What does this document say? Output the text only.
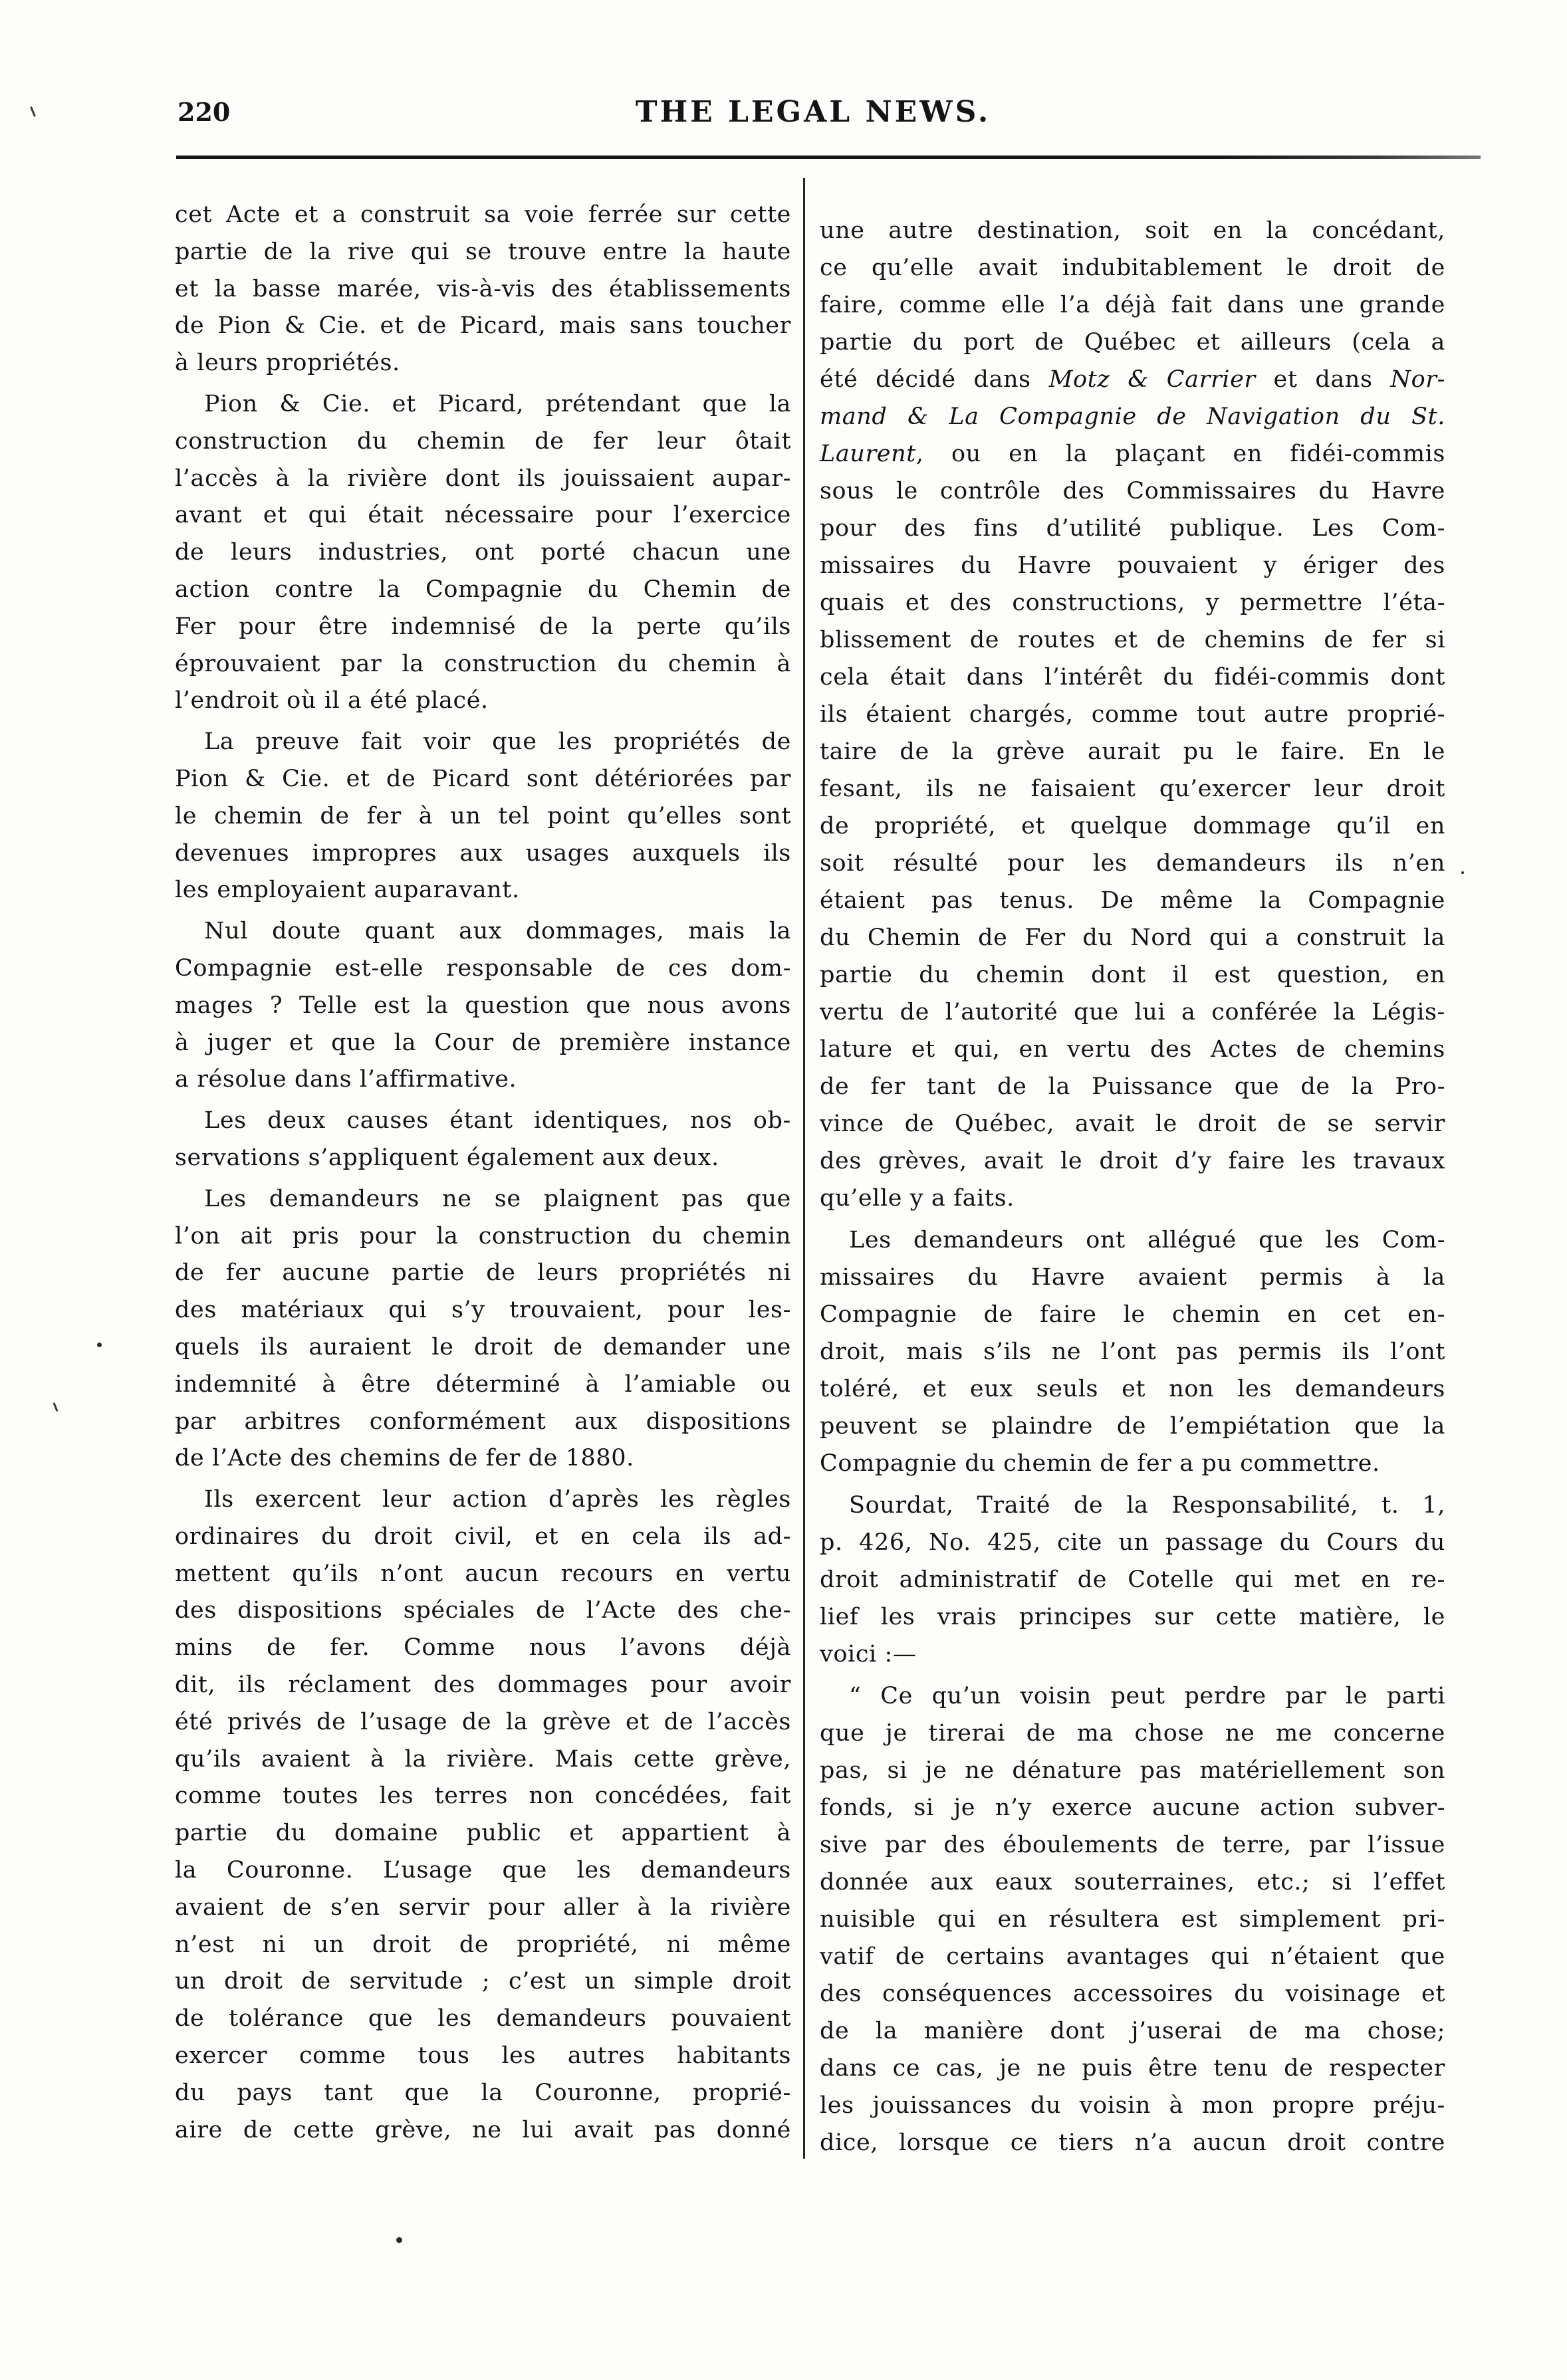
220	THE LEGAL NEWS.
cet Acte et a construit sa voie ferrée sur cette
partie de la rive qui se trouve entre la haute
et la basse marée, vis-à-vis des établissements
de Pion & Cie. et de Picard, mais sans toucher
à leurs propriétés.
Pion & Cie. et Picard, prétendant que la
construction du chemin de fer leur ôtait
l’accès à la rivière dont ils jouissaient aupar-
avant et qui était nécessaire pour l’exercice
de leurs industries, ont porté chacun une
action contre la Compagnie du Chemin de
Fer pour être indemnisé de la perte qu’ils
éprouvaient par la construction du chemin à
l’endroit où il a été placé.
La preuve fait voir que les propriétés de
Pion & Cie. et de Picard sont détériorées par
le chemin de fer à un tel point qu’elles sont
devenues impropres aux usages auxquels ils
les employaient auparavant.
Nul doute quant aux dommages, mais la
Compagnie est-elle responsable de ces dom-
mages ? Telle est la question que nous avons
à juger et que la Cour de première instance
a résolue dans l’affirmative.
Les deux causes étant identiques, nos ob-
servations s’appliquent également aux deux.
Les demandeurs ne se plaignent pas que
l’on ait pris pour la construction du chemin
de fer aucune partie de leurs propriétés ni
des matériaux qui s’y trouvaient, pour les-
quels ils auraient le droit de demander une
indemnité à être déterminé à l’amiable ou
par arbitres conformément aux dispositions
de l’Acte des chemins de fer de 1880.
Ils exercent leur action d’après les règles
ordinaires du droit civil, et en cela ils ad-
mettent qu’ils n’ont aucun recours en vertu
des dispositions spéciales de l’Acte des che-
mins de fer. Comme nous l’avons déjà
dit, ils réclament des dommages pour avoir
été privés de l’usage de la grève et de l’accès
qu’ils avaient à la rivière. Mais cette grève,
comme toutes les terres non concédées, fait
partie du domaine public et appartient à
la Couronne. L’usage que les demandeurs
avaient de s’en servir pour aller à la rivière
n’est ni un droit de propriété, ni même
un droit de servitude ; c’est un simple droit
de tolérance que les demandeurs pouvaient
exercer comme tous les autres habitants
du pays tant que la Couronne, proprié-
aire de cette grève, ne lui avait pas donné
une autre destination, soit en la concédant,
ce qu’elle avait indubitablement le droit de
faire, comme elle l’a déjà fait dans une grande
partie du port de Québec et ailleurs (cela a
été décidé dans Motz & Carrier et dans Nor-
mand & La Compagnie de Navigation du St.
Laurent, ou en la plaçant en fidéi-commis
sous le contrôle des Commissaires du Havre
pour des fins d’utilité publique. Les Com-
missaires du Havre pouvaient y ériger des
quais et des constructions, y permettre l’éta-
blissement de routes et de chemins de fer si
cela était dans l’intérêt du fidéi-commis dont
ils étaient chargés, comme tout autre proprié-
taire de la grève aurait pu le faire. En le
fesant, ils ne faisaient qu’exercer leur droit
de propriété, et quelque dommage qu’il en
soit résulté pour les demandeurs ils n’en
étaient pas tenus. De même la Compagnie
du Chemin de Fer du Nord qui a construit la
partie du chemin dont il est question, en
vertu de l’autorité que lui a conférée la Légis-
lature et qui, en vertu des Actes de chemins
de fer tant de la Puissance que de la Pro-
vince de Québec, avait le droit de se servir
des grèves, avait le droit d’y faire les travaux
qu’elle y a faits.
Les demandeurs ont allégué que les Com-
missaires du Havre avaient permis à la
Compagnie de faire le chemin en cet en-
droit, mais s’ils ne l’ont pas permis ils l’ont
toléré, et eux seuls et non les demandeurs
peuvent se plaindre de l’empiétation que la
Compagnie du chemin de fer a pu commettre.
Sourdat, Traité de la Responsabilité, t. 1,
p. 426, No. 425, cite un passage du Cours du
droit administratif de Cotelle qui met en re-
lief les vrais principes sur cette matière, le
voici :—
“ Ce qu’un voisin peut perdre par le parti
que je tirerai de ma chose ne me concerne
pas, si je ne dénature pas matériellement son
fonds, si je n’y exerce aucune action subver-
sive par des éboulements de terre, par l’issue
donnée aux eaux souterraines, etc.; si l’effet
nuisible qui en résultera est simplement pri-
vatif de certains avantages qui n’étaient que
des conséquences accessoires du voisinage et
de la manière dont j’userai de ma chose;
dans ce cas, je ne puis être tenu de respecter
les jouissances du voisin à mon propre préju-
dice, lorsque ce tiers n’a aucun droit contre
